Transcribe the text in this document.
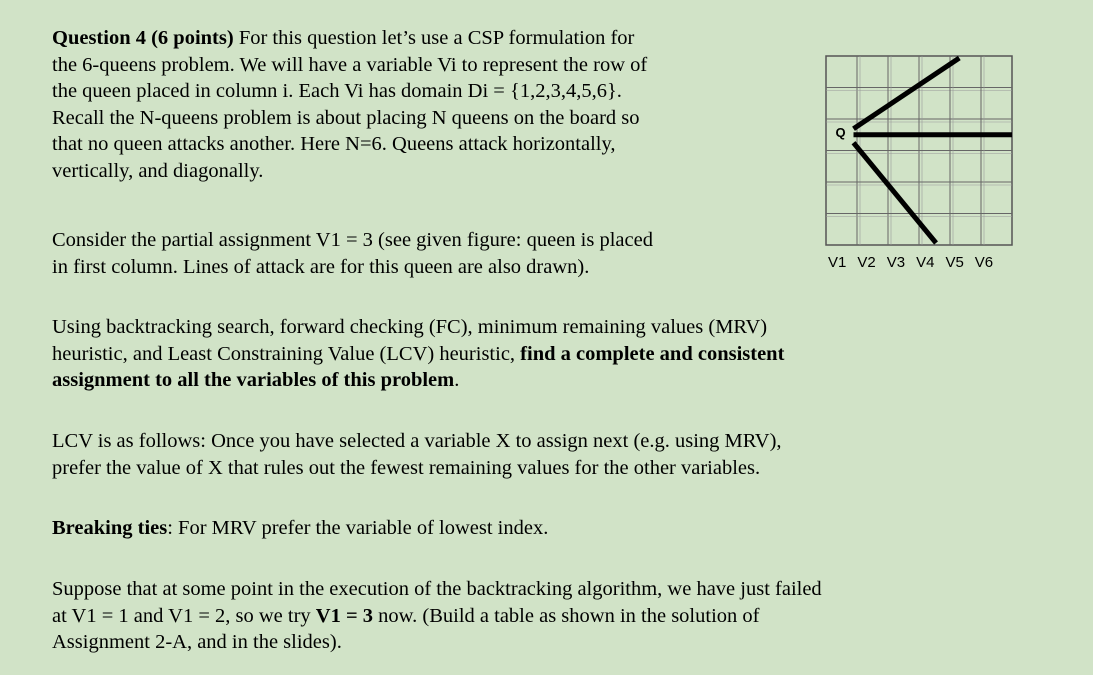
Question 4 (6 points) For this question let’s use a CSP formulation for

the 6-queens problem. We will have a variable Vi to represent the row of

the queen placed in column i. Each Vi has domain Di = {1,2,3,4,5,6}.

Recall the N-queens problem is about placing N queens on the board so

that no queen attacks another. Here N=6. Queens attack horizontally,

vertically, and diagonally.

Consider the partial assignment V1 = 3 (see given figure: queen is placed

in first column. Lines of attack are for this queen are also drawn).

Using backtracking search, forward checking (FC), minimum remaining values (MRV)

heuristic, and Least Constraining Value (LCV) heuristic, find a complete and consistent

assignment to all the variables of this problem.

LCV is as follows: Once you have selected a variable X to assign next (e.g. using MRV),

prefer the value of X that rules out the fewest remaining values for the other variables.

Breaking ties: For MRV prefer the variable of lowest index.

Suppose that at some point in the execution of the backtracking algorithm, we have just failed

at V1 = 1 and V1 = 2, so we try V1 = 3 now. (Build a table as shown in the solution of

Assignment 2-A, and in the slides).

Q
V1 V2 V3 V4 V5 V6
